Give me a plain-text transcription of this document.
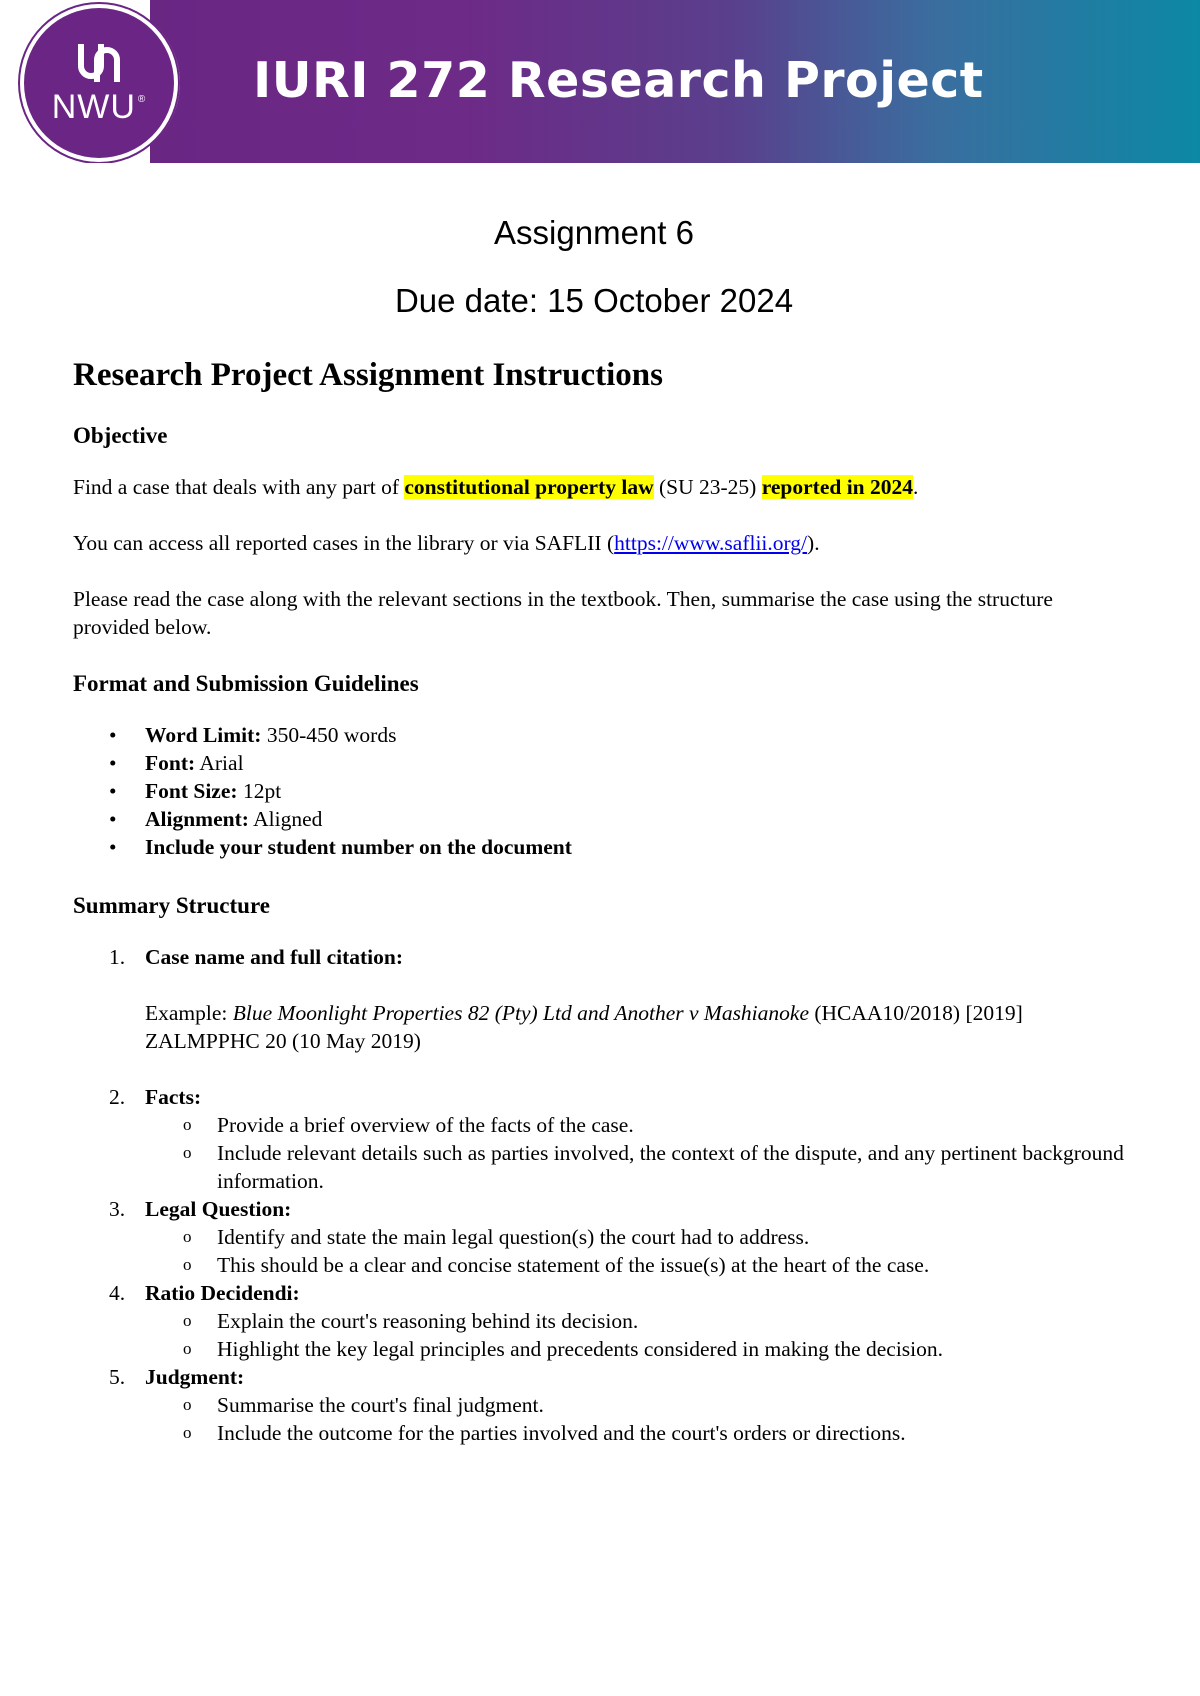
NWU ® IURI 272 Research Project
Assignment 6
Due date: 15 October 2024
Research Project Assignment Instructions
Objective

Find a case that deals with any part of constitutional property law (SU 23-25) reported in 2024.

You can access all reported cases in the library or via SAFLII (https://www.saflii.org/).

Please read the case along with the relevant sections in the textbook. Then, summarise the case using the structure provided below.

Format and Submission Guidelines
• Word Limit: 350-450 words
• Font: Arial
• Font Size: 12pt
• Alignment: Aligned
• Include your student number on the document
Summary Structure
1. Case name and full citation:
Example: Blue Moonlight Properties 82 (Pty) Ltd and Another v Mashianoke (HCAA10/2018) [2019] ZALMPPHC 20 (10 May 2019)
2. Facts:
o Provide a brief overview of the facts of the case.
o Include relevant details such as parties involved, the context of the dispute, and any pertinent background information.
3. Legal Question:
o Identify and state the main legal question(s) the court had to address.
o This should be a clear and concise statement of the issue(s) at the heart of the case.
4. Ratio Decidendi:
o Explain the court's reasoning behind its decision.
o Highlight the key legal principles and precedents considered in making the decision.
5. Judgment:
o Summarise the court's final judgment.
o Include the outcome for the parties involved and the court's orders or directions.
